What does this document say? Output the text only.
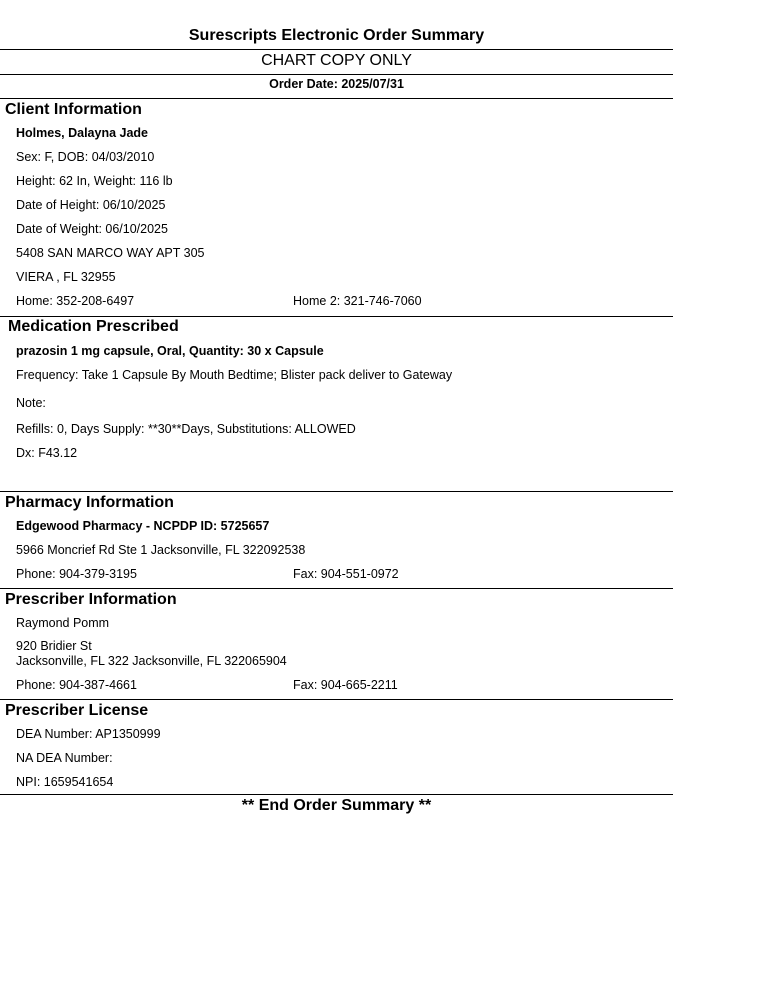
Surescripts Electronic Order Summary
CHART COPY ONLY
Order Date: 2025/07/31
Client Information
Holmes, Dalayna Jade
Sex: F, DOB: 04/03/2010
Height: 62 In, Weight: 116 lb
Date of Height: 06/10/2025
Date of Weight: 06/10/2025
5408 SAN MARCO WAY APT 305
VIERA , FL 32955
Home: 352-208-6497	Home 2: 321-746-7060
Medication Prescribed
prazosin 1 mg capsule, Oral, Quantity: 30 x Capsule
Frequency: Take 1 Capsule By Mouth Bedtime; Blister pack deliver to Gateway
Note:
Refills: 0, Days Supply: **30**Days, Substitutions: ALLOWED
Dx: F43.12
Pharmacy Information
Edgewood Pharmacy - NCPDP ID: 5725657
5966 Moncrief Rd Ste 1 Jacksonville, FL 322092538
Phone: 904-379-3195	Fax: 904-551-0972
Prescriber Information
Raymond Pomm
920 Bridier St
Jacksonville, FL 322 Jacksonville, FL 322065904
Phone: 904-387-4661	Fax: 904-665-2211
Prescriber License
DEA Number: AP1350999
NA DEA Number:
NPI: 1659541654
** End Order Summary **
